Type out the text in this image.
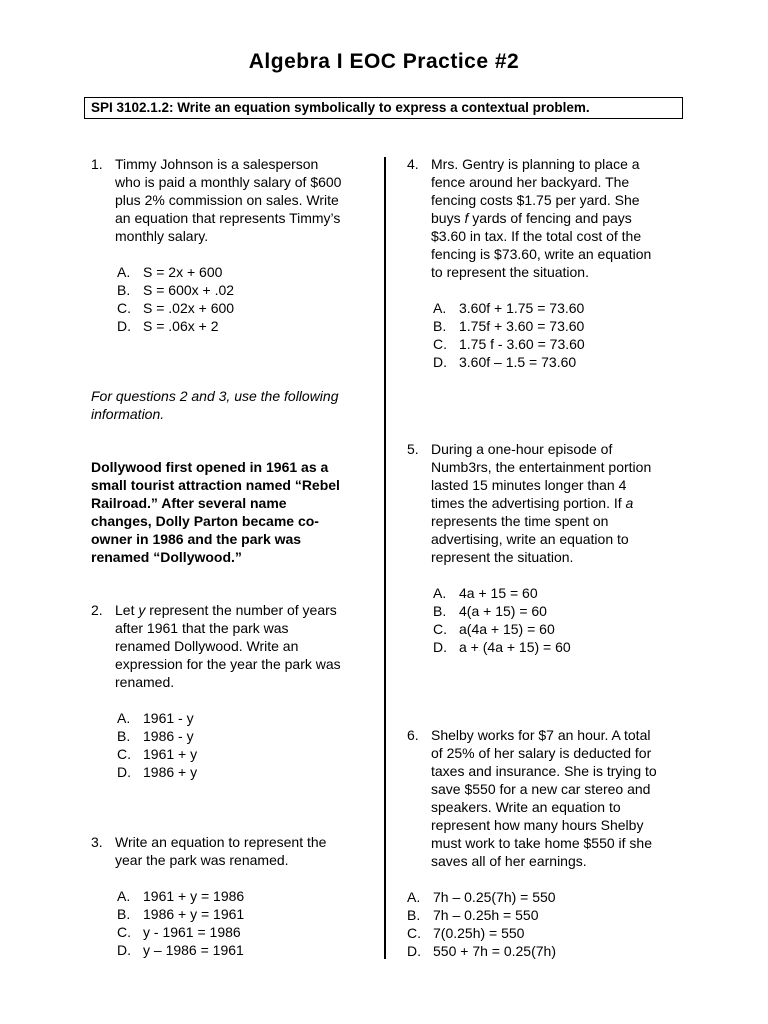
Algebra I EOC Practice #2
SPI 3102.1.2: Write an equation symbolically to express a contextual problem.
1. Timmy Johnson is a salesperson
who is paid a monthly salary of $600
plus 2% commission on sales. Write
an equation that represents Timmy’s
monthly salary.
A. S = 2x + 600
B. S = 600x + .02
C. S = .02x + 600
D. S = .06x + 2
For questions 2 and 3, use the following
information.
Dollywood first opened in 1961 as a
small tourist attraction named “Rebel
Railroad.” After several name
changes, Dolly Parton became co-
owner in 1986 and the park was
renamed “Dollywood.”
2. Let y represent the number of years
after 1961 that the park was
renamed Dollywood. Write an
expression for the year the park was
renamed.
A. 1961 - y
B. 1986 - y
C. 1961 + y
D. 1986 + y
3. Write an equation to represent the
year the park was renamed.
A. 1961 + y = 1986
B. 1986 + y = 1961
C. y - 1961 = 1986
D. y – 1986 = 1961
4. Mrs. Gentry is planning to place a
fence around her backyard. The
fencing costs $1.75 per yard. She
buys f yards of fencing and pays
$3.60 in tax. If the total cost of the
fencing is $73.60, write an equation
to represent the situation.
A. 3.60f + 1.75 = 73.60
B. 1.75f + 3.60 = 73.60
C. 1.75 f - 3.60 = 73.60
D. 3.60f – 1.5 = 73.60
5. During a one-hour episode of
Numb3rs, the entertainment portion
lasted 15 minutes longer than 4
times the advertising portion. If a
represents the time spent on
advertising, write an equation to
represent the situation.
A. 4a + 15 = 60
B. 4(a + 15) = 60
C. a(4a + 15) = 60
D. a + (4a + 15) = 60
6. Shelby works for $7 an hour. A total
of 25% of her salary is deducted for
taxes and insurance. She is trying to
save $550 for a new car stereo and
speakers. Write an equation to
represent how many hours Shelby
must work to take home $550 if she
saves all of her earnings.
A. 7h – 0.25(7h) = 550
B. 7h – 0.25h = 550
C. 7(0.25h) = 550
D. 550 + 7h = 0.25(7h)
